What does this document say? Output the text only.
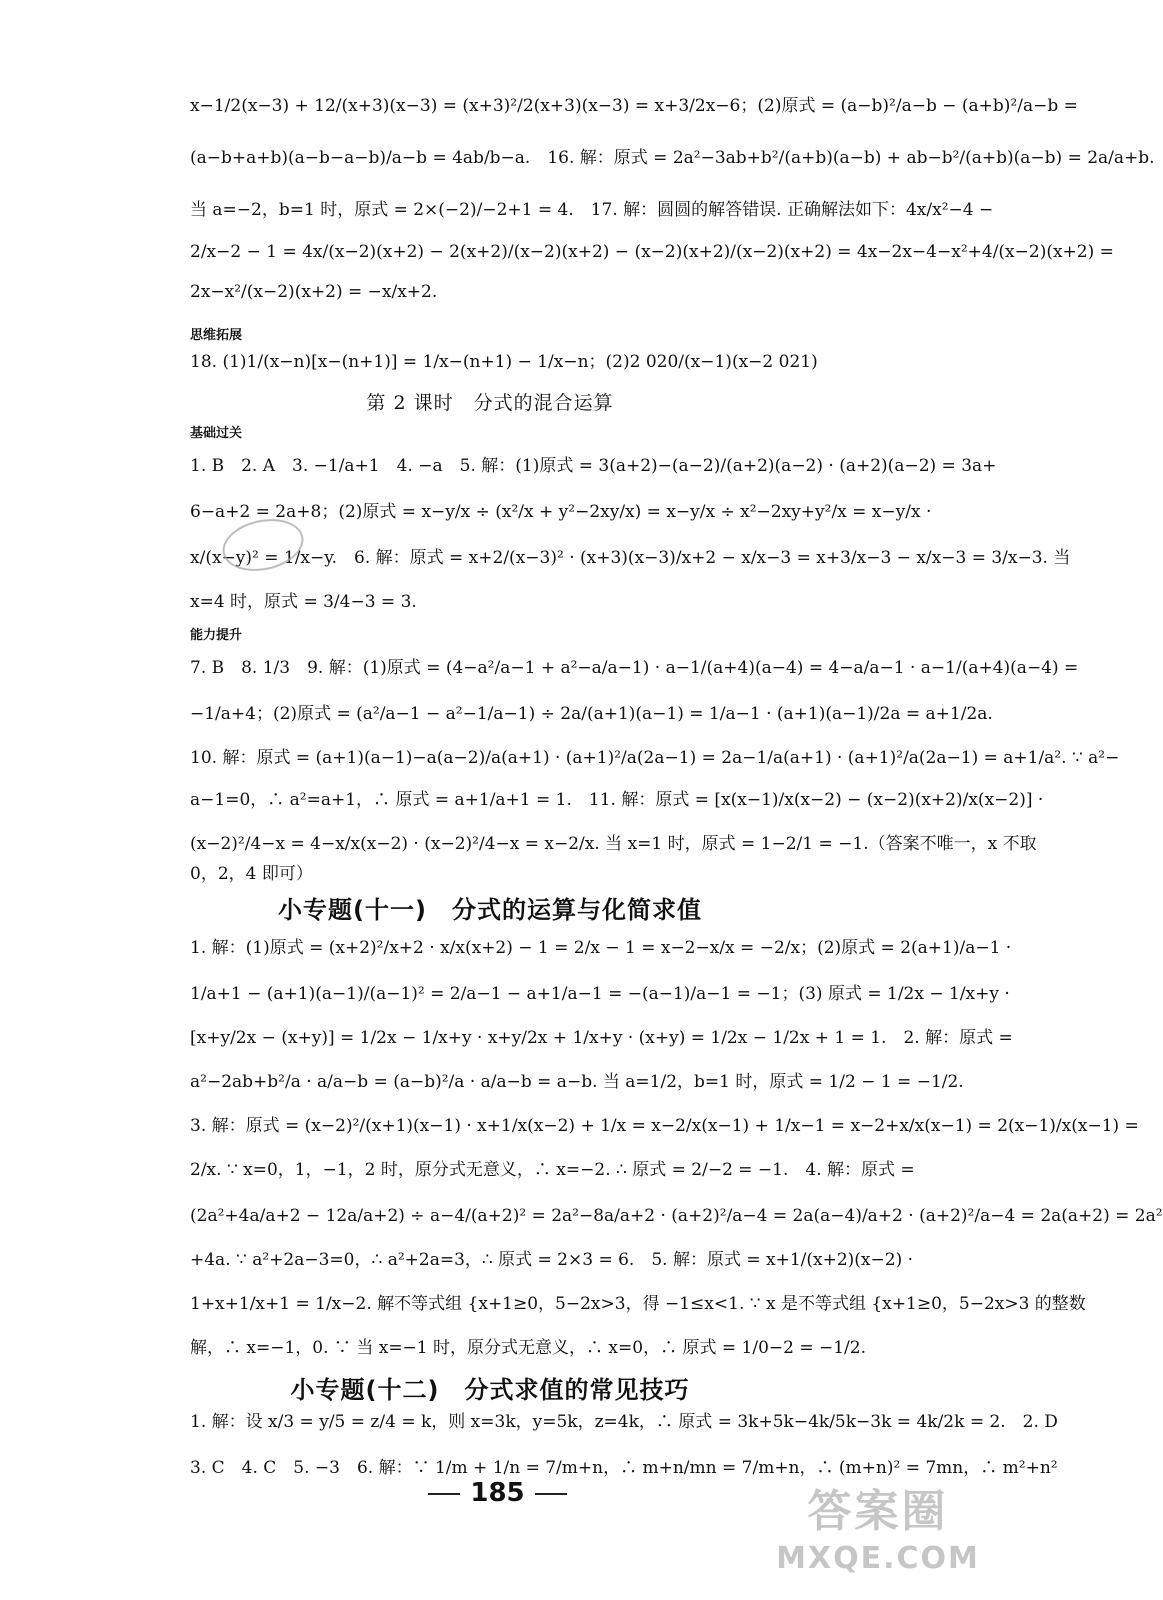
x−1/2(x−3) + 12/(x+3)(x−3) = (x+3)²/2(x+3)(x−3) = x+3/2x−6；(2)原式 = (a−b)²/a−b − (a+b)²/a−b =
(a−b+a+b)(a−b−a−b)/a−b = 4ab/b−a.　16. 解：原式 = 2a²−3ab+b²/(a+b)(a−b) + ab−b²/(a+b)(a−b) = 2a/a+b.
当 a=−2，b=1 时，原式 = 2×(−2)/−2+1 = 4.　17. 解：圆圆的解答错误. 正确解法如下：4x/x²−4 −
2/x−2 − 1 = 4x/(x−2)(x+2) − 2(x+2)/(x−2)(x+2) − (x−2)(x+2)/(x−2)(x+2) = 4x−2x−4−x²+4/(x−2)(x+2) =
2x−x²/(x−2)(x+2) = −x/x+2.
思维拓展
18. (1)1/(x−n)[x−(n+1)] = 1/x−(n+1) − 1/x−n；(2)2 020/(x−1)(x−2 021)
第 2 课时　分式的混合运算
基础过关
1. B　2. A　3. −1/a+1　4. −a　5. 解：(1)原式 = 3(a+2)−(a−2)/(a+2)(a−2) · (a+2)(a−2) = 3a+
6−a+2 = 2a+8；(2)原式 = x−y/x ÷ (x²/x + y²−2xy/x) = x−y/x ÷ x²−2xy+y²/x = x−y/x ·
x/(x−y)² = 1/x−y.　6. 解：原式 = x+2/(x−3)² · (x+3)(x−3)/x+2 − x/x−3 = x+3/x−3 − x/x−3 = 3/x−3. 当
x=4 时，原式 = 3/4−3 = 3.
能力提升
7. B　8. 1/3　9. 解：(1)原式 = (4−a²/a−1 + a²−a/a−1) · a−1/(a+4)(a−4) = 4−a/a−1 · a−1/(a+4)(a−4) =
−1/a+4；(2)原式 = (a²/a−1 − a²−1/a−1) ÷ 2a/(a+1)(a−1) = 1/a−1 · (a+1)(a−1)/2a = a+1/2a.
10. 解：原式 = (a+1)(a−1)−a(a−2)/a(a+1) · (a+1)²/a(2a−1) = 2a−1/a(a+1) · (a+1)²/a(2a−1) = a+1/a². ∵ a²−
a−1=0，∴ a²=a+1，∴ 原式 = a+1/a+1 = 1.　11. 解：原式 = [x(x−1)/x(x−2) − (x−2)(x+2)/x(x−2)] ·
(x−2)²/4−x = 4−x/x(x−2) · (x−2)²/4−x = x−2/x. 当 x=1 时，原式 = 1−2/1 = −1.（答案不唯一，x 不取
0，2，4 即可）
小专题(十一)　分式的运算与化简求值
1. 解：(1)原式 = (x+2)²/x+2 · x/x(x+2) − 1 = 2/x − 1 = x−2−x/x = −2/x；(2)原式 = 2(a+1)/a−1 ·
1/a+1 − (a+1)(a−1)/(a−1)² = 2/a−1 − a+1/a−1 = −(a−1)/a−1 = −1；(3) 原式 = 1/2x − 1/x+y ·
[x+y/2x − (x+y)] = 1/2x − 1/x+y · x+y/2x + 1/x+y · (x+y) = 1/2x − 1/2x + 1 = 1.　2. 解：原式 =
a²−2ab+b²/a · a/a−b = (a−b)²/a · a/a−b = a−b. 当 a=1/2，b=1 时，原式 = 1/2 − 1 = −1/2.
3. 解：原式 = (x−2)²/(x+1)(x−1) · x+1/x(x−2) + 1/x = x−2/x(x−1) + 1/x−1 = x−2+x/x(x−1) = 2(x−1)/x(x−1) =
2/x. ∵ x=0，1，−1，2 时，原分式无意义，∴ x=−2. ∴ 原式 = 2/−2 = −1.　4. 解：原式 =
(2a²+4a/a+2 − 12a/a+2) ÷ a−4/(a+2)² = 2a²−8a/a+2 · (a+2)²/a−4 = 2a(a−4)/a+2 · (a+2)²/a−4 = 2a(a+2) = 2a²
+4a. ∵ a²+2a−3=0，∴ a²+2a=3，∴ 原式 = 2×3 = 6.　5. 解：原式 = x+1/(x+2)(x−2) ·
1+x+1/x+1 = 1/x−2. 解不等式组 {x+1≥0，5−2x>3，得 −1≤x<1. ∵ x 是不等式组 {x+1≥0，5−2x>3 的整数
解，∴ x=−1，0. ∵ 当 x=−1 时，原分式无意义，∴ x=0，∴ 原式 = 1/0−2 = −1/2.
小专题(十二)　分式求值的常见技巧
1. 解：设 x/3 = y/5 = z/4 = k，则 x=3k，y=5k，z=4k，∴ 原式 = 3k+5k−4k/5k−3k = 4k/2k = 2.　2. D
3. C　4. C　5. −3　6. 解：∵ 1/m + 1/n = 7/m+n，∴ m+n/mn = 7/m+n，∴ (m+n)² = 7mn，∴ m²+n²
185	答案圈
MXQE.COM
